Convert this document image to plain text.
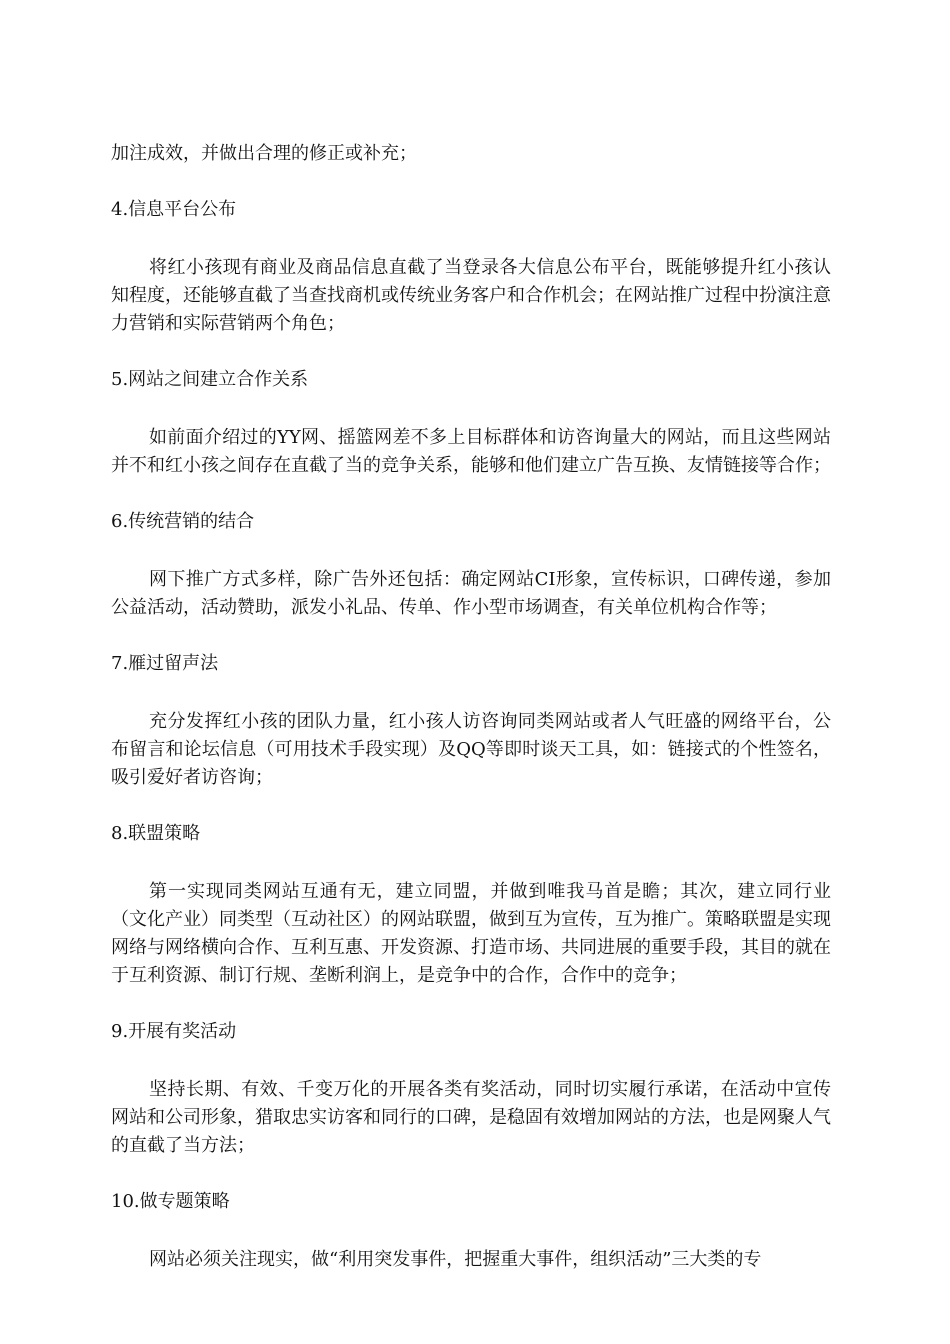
加注成效，并做出合理的修正或补充；

4.信息平台公布

将红小孩现有商业及商品信息直截了当登录各大信息公布平台，既能够提升红小孩认知程度，还能够直截了当查找商机或传统业务客户和合作机会；在网站推广过程中扮演注意力营销和实际营销两个角色；

5.网站之间建立合作关系

如前面介绍过的YY网、摇篮网差不多上目标群体和访咨询量大的网站，而且这些网站并不和红小孩之间存在直截了当的竞争关系，能够和他们建立广告互换、友情链接等合作；

6.传统营销的结合

网下推广方式多样，除广告外还包括：确定网站CI形象，宣传标识，口碑传递，参加公益活动，活动赞助，派发小礼品、传单、作小型市场调查，有关单位机构合作等；

7.雁过留声法

充分发挥红小孩的团队力量，红小孩人访咨询同类网站或者人气旺盛的网络平台，公布留言和论坛信息（可用技术手段实现）及QQ等即时谈天工具，如：链接式的个性签名，吸引爱好者访咨询；

8.联盟策略

第一实现同类网站互通有无，建立同盟，并做到唯我马首是瞻；其次，建立同行业（文化产业）同类型（互动社区）的网站联盟，做到互为宣传，互为推广。策略联盟是实现网络与网络横向合作、互利互惠、开发资源、打造市场、共同进展的重要手段，其目的就在于互利资源、制订行规、垄断利润上，是竞争中的合作，合作中的竞争；

9.开展有奖活动

坚持长期、有效、千变万化的开展各类有奖活动，同时切实履行承诺，在活动中宣传网站和公司形象，猎取忠实访客和同行的口碑，是稳固有效增加网站的方法，也是网聚人气的直截了当方法；

10.做专题策略

网站必须关注现实，做“利用突发事件，把握重大事件，组织活动”三大类的专
